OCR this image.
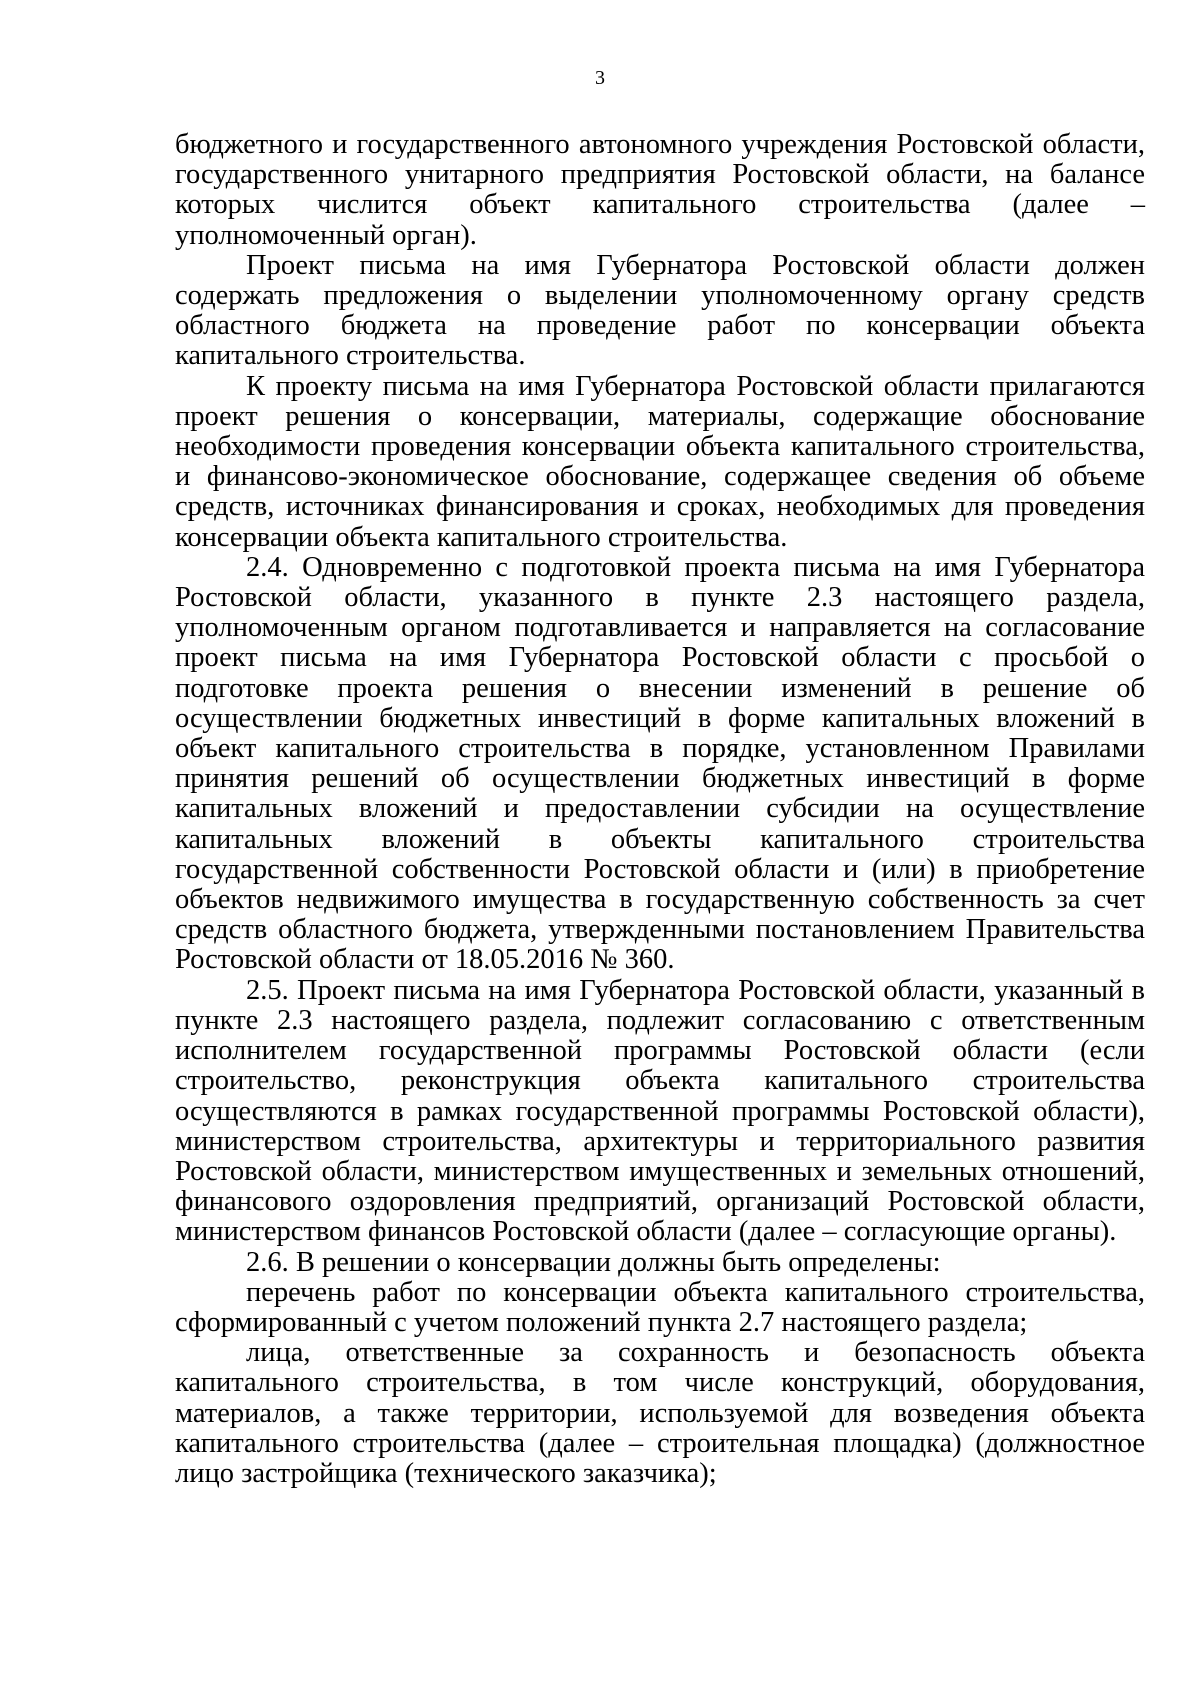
3

бюджетного и государственного автономного учреждения Ростовской области, государственного унитарного предприятия Ростовской области, на балансе которых числится объект капитального строительства (далее – уполномоченный орган).

Проект письма на имя Губернатора Ростовской области должен содержать предложения о выделении уполномоченному органу средств областного бюджета на проведение работ по консервации объекта капитального строительства.

К проекту письма на имя Губернатора Ростовской области прилагаются проект решения о консервации, материалы, содержащие обоснование необходимости проведения консервации объекта капитального строительства, и финансово-экономическое обоснование, содержащее сведения об объеме средств, источниках финансирования и сроках, необходимых для проведения консервации объекта капитального строительства.

2.4. Одновременно с подготовкой проекта письма на имя Губернатора Ростовской области, указанного в пункте 2.3 настоящего раздела, уполномоченным органом подготавливается и направляется на согласование проект письма на имя Губернатора Ростовской области с просьбой о подготовке проекта решения о внесении изменений в решение об осуществлении бюджетных инвестиций в форме капитальных вложений в объект капитального строительства в порядке, установленном Правилами принятия решений об осуществлении бюджетных инвестиций в форме капитальных вложений и предоставлении субсидии на осуществление капитальных вложений в объекты капитального строительства государственной собственности Ростовской области и (или) в приобретение объектов недвижимого имущества в государственную собственность за счет средств областного бюджета, утвержденными постановлением Правительства Ростовской области от 18.05.2016 № 360.

2.5. Проект письма на имя Губернатора Ростовской области, указанный в пункте 2.3 настоящего раздела, подлежит согласованию с ответственным исполнителем государственной программы Ростовской области (если строительство, реконструкция объекта капитального строительства осуществляются в рамках государственной программы Ростовской области), министерством строительства, архитектуры и территориального развития Ростовской области, министерством имущественных и земельных отношений, финансового оздоровления предприятий, организаций Ростовской области, министерством финансов Ростовской области (далее – согласующие органы).

2.6. В решении о консервации должны быть определены:

перечень работ по консервации объекта капитального строительства, сформированный с учетом положений пункта 2.7 настоящего раздела;

лица, ответственные за сохранность и безопасность объекта капитального строительства, в том числе конструкций, оборудования, материалов, а также территории, используемой для возведения объекта капитального строительства (далее – строительная площадка) (должностное лицо застройщика (технического заказчика);
